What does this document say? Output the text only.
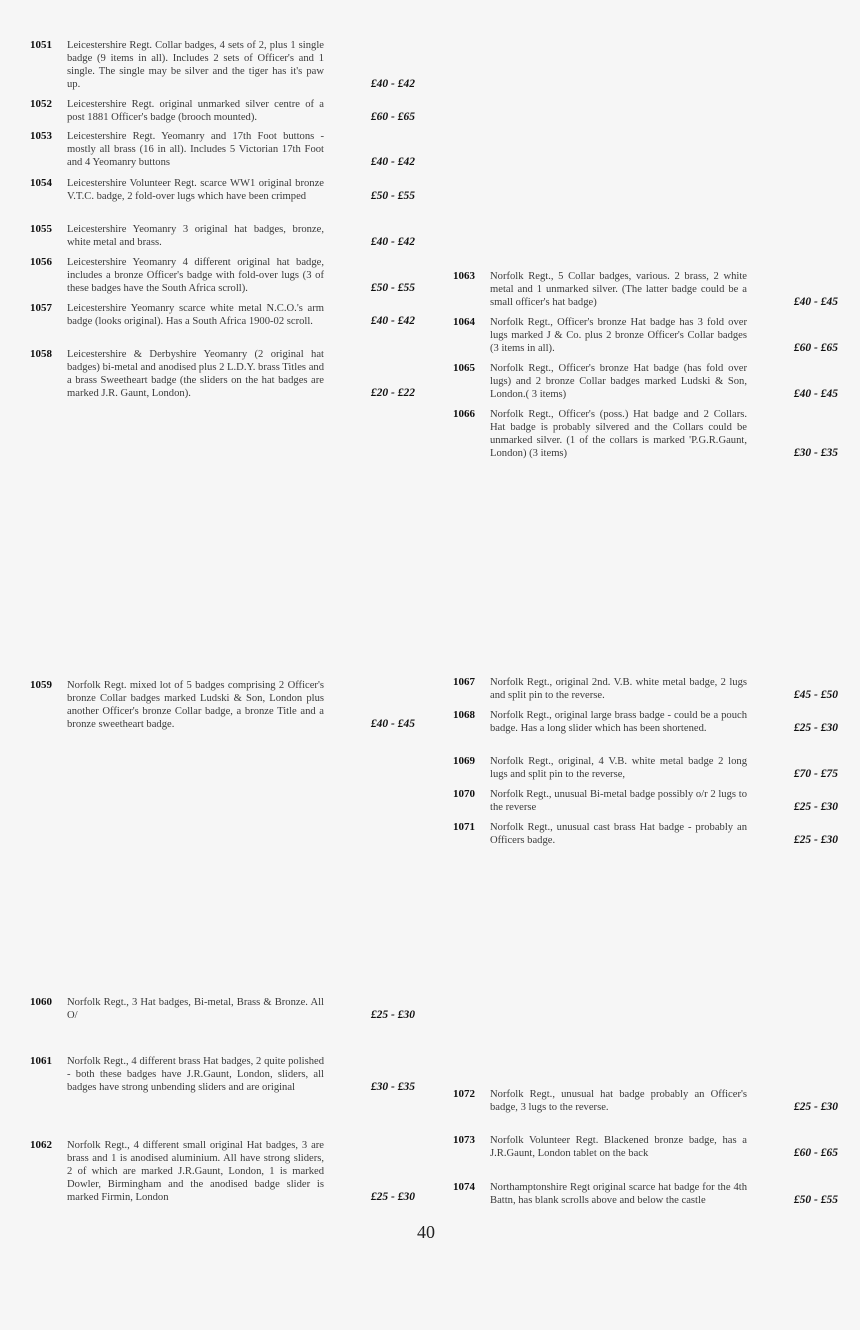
1051 Leicestershire Regt. Collar badges, 4 sets of 2, plus 1 single badge (9 items in all). Includes 2 sets of Officer's and 1 single. The single may be silver and the tiger has it's paw up.	£40 - £42
1052 Leicestershire Regt. original unmarked silver centre of a post 1881 Officer's badge (brooch mounted).	£60 - £65
1053 Leicestershire Regt. Yeomanry and 17th Foot buttons - mostly all brass (16 in all). Includes 5 Victorian 17th Foot and 4 Yeomanry buttons	£40 - £42
1054 Leicestershire Volunteer Regt. scarce WW1 original bronze V.T.C. badge, 2 fold-over lugs which have been crimped	£50 - £55
1055 Leicestershire Yeomanry 3 original hat badges, bronze, white metal and brass.	£40 - £42
1056 Leicestershire Yeomanry 4 different original hat badge, includes a bronze Officer's badge with fold-over lugs (3 of these badges have the South Africa scroll).	£50 - £55
1057 Leicestershire Yeomanry scarce white metal N.C.O.'s arm badge (looks original). Has a South Africa 1900-02 scroll.	£40 - £42
1058 Leicestershire & Derbyshire Yeomanry (2 original hat badges) bi-metal and anodised plus 2 L.D.Y. brass Titles and a brass Sweetheart badge (the sliders on the hat badges are marked J.R. Gaunt, London).	£20 - £22
1059 Norfolk Regt. mixed lot of 5 badges comprising 2 Officer's bronze Collar badges marked Ludski & Son, London plus another Officer's bronze Collar badge, a bronze Title and a bronze sweetheart badge.	£40 - £45
1060 Norfolk Regt., 3 Hat badges, Bi-metal, Brass & Bronze. All O/	£25 - £30
1061 Norfolk Regt., 4 different brass Hat badges, 2 quite polished - both these badges have J.R.Gaunt, London, sliders, all badges have strong unbending sliders and are original	£30 - £35
1062 Norfolk Regt., 4 different small original Hat badges, 3 are brass and 1 is anodised aluminium. All have strong sliders, 2 of which are marked J.R.Gaunt, London, 1 is marked Dowler, Birmingham and the anodised badge slider is marked Firmin, London	£25 - £30
1063 Norfolk Regt., 5 Collar badges, various. 2 brass, 2 white metal and 1 unmarked silver. (The latter badge could be a small officer's hat badge)	£40 - £45
1064 Norfolk Regt., Officer's bronze Hat badge has 3 fold over lugs marked J & Co. plus 2 bronze Officer's Collar badges (3 items in all).	£60 - £65
1065 Norfolk Regt., Officer's bronze Hat badge (has fold over lugs) and 2 bronze Collar badges marked Ludski & Son, London.( 3 items)	£40 - £45
1066 Norfolk Regt., Officer's (poss.) Hat badge and 2 Collars. Hat badge is probably silvered and the Collars could be unmarked silver. (1 of the collars is marked 'P.G.R.Gaunt, London) (3 items)	£30 - £35
1067 Norfolk Regt., original 2nd. V.B. white metal badge, 2 lugs and split pin to the reverse.	£45 - £50
1068 Norfolk Regt., original large brass badge - could be a pouch badge. Has a long slider which has been shortened.	£25 - £30
1069 Norfolk Regt., original, 4 V.B. white metal badge 2 long lugs and split pin to the reverse,	£70 - £75
1070 Norfolk Regt., unusual Bi-metal badge possibly o/r 2 lugs to the reverse	£25 - £30
1071 Norfolk Regt., unusual cast brass Hat badge - probably an Officers badge.	£25 - £30
1072 Norfolk Regt., unusual hat badge probably an Officer's badge, 3 lugs to the reverse.	£25 - £30
1073 Norfolk Volunteer Regt. Blackened bronze badge, has a J.R.Gaunt, London tablet on the back	£60 - £65
1074 Northamptonshire Regt original scarce hat badge for the 4th Battn, has blank scrolls above and below the castle	£50 - £55
40
